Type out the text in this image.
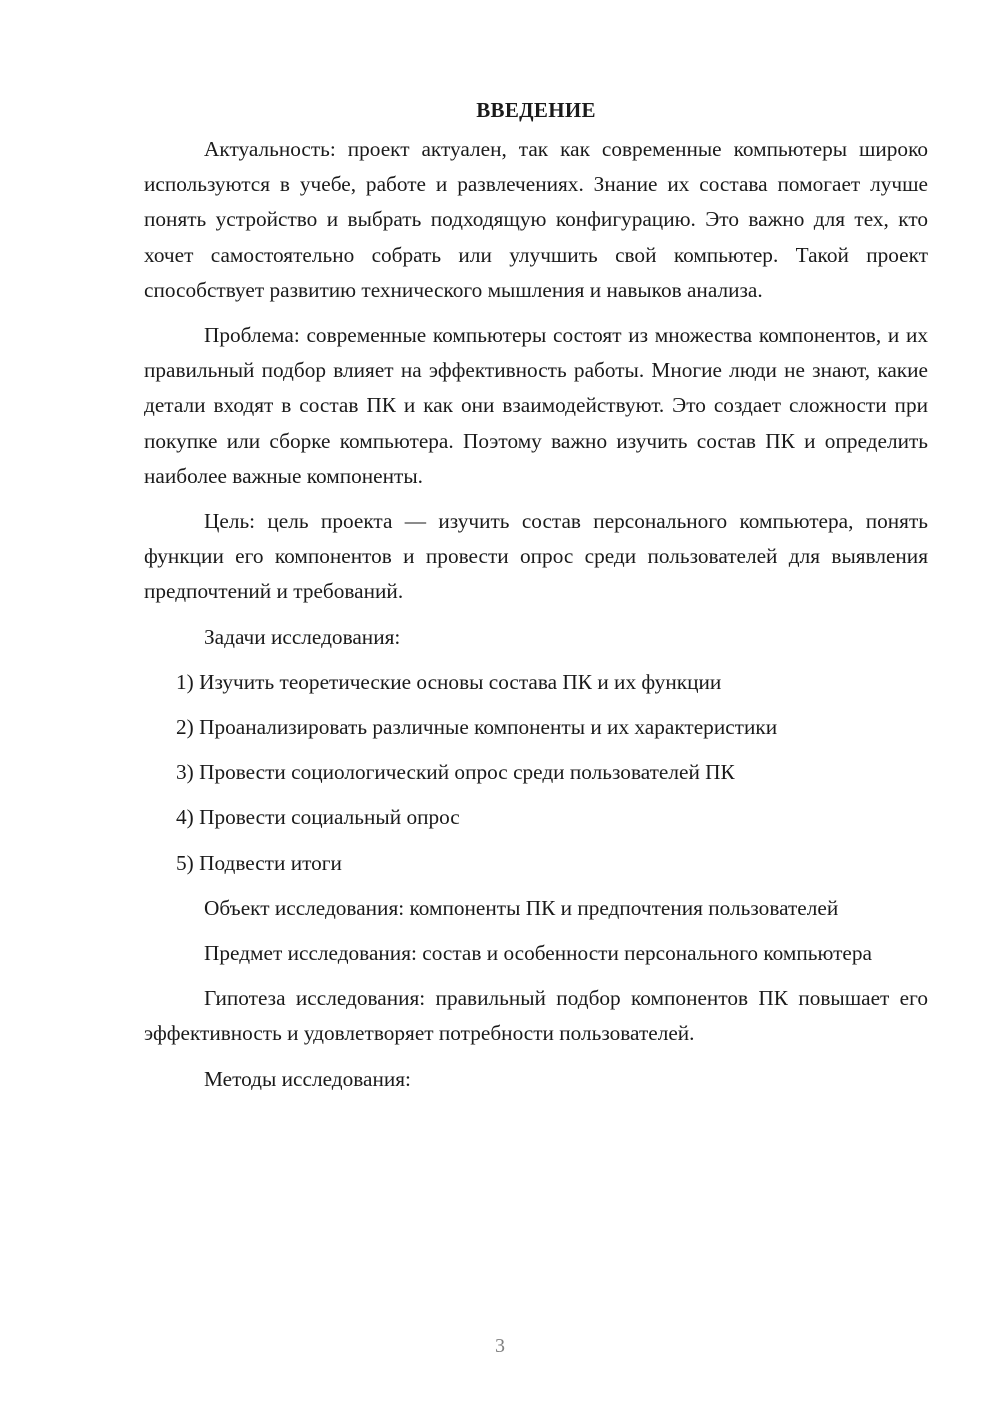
ВВЕДЕНИЕ

Актуальность: проект актуален, так как современные компьютеры широко используются в учебе, работе и развлечениях. Знание их состава помогает лучше понять устройство и выбрать подходящую конфигурацию. Это важно для тех, кто хочет самостоятельно собрать или улучшить свой компьютер. Такой проект способствует развитию технического мышления и навыков анализа.

Проблема: современные компьютеры состоят из множества компонентов, и их правильный подбор влияет на эффективность работы. Многие люди не знают, какие детали входят в состав ПК и как они взаимодействуют. Это создает сложности при покупке или сборке компьютера. Поэтому важно изучить состав ПК и определить наиболее важные компоненты.

Цель: цель проекта — изучить состав персонального компьютера, понять функции его компонентов и провести опрос среди пользователей для выявления предпочтений и требований.

Задачи исследования:

1) Изучить теоретические основы состава ПК и их функции
2) Проанализировать различные компоненты и их характеристики
3) Провести социологический опрос среди пользователей ПК
4) Провести социальный опрос
5) Подвести итоги

Объект исследования: компоненты ПК и предпочтения пользователей

Предмет исследования: состав и особенности персонального компьютера

Гипотеза исследования: правильный подбор компонентов ПК повышает его эффективность и удовлетворяет потребности пользователей.

Методы исследования:

3
